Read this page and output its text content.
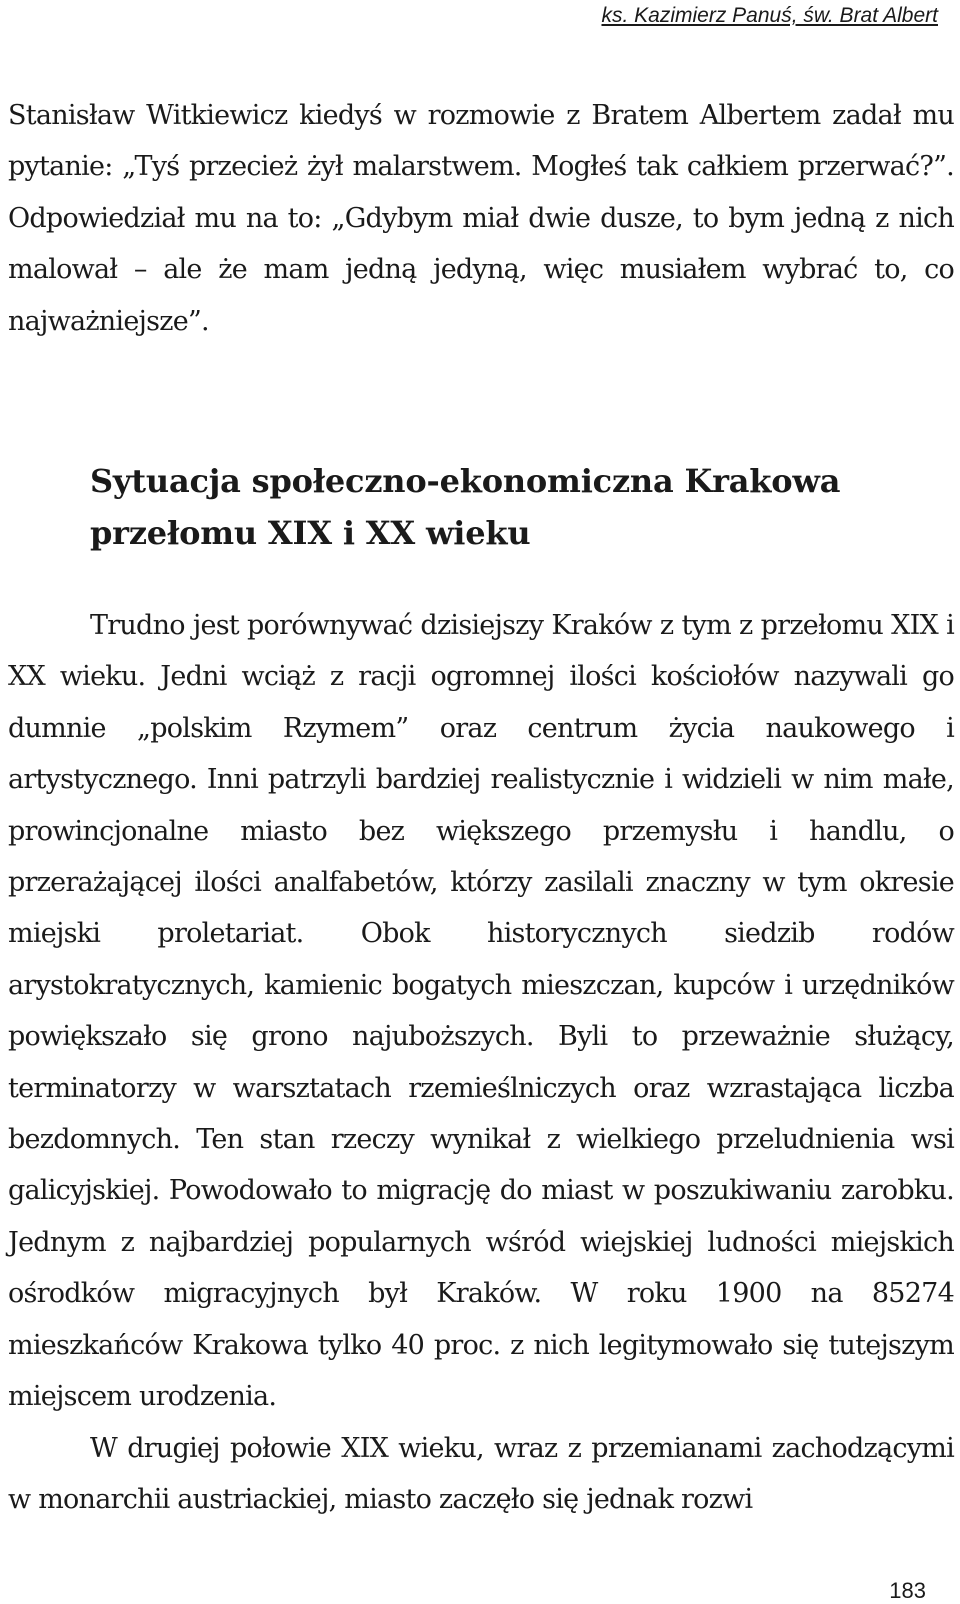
ks. Kazimierz Panuś, św. Brat Albert

Stanisław Witkiewicz kiedyś w rozmowie z Bratem Albertem zadał mu pytanie: „Tyś przecież żył malarstwem. Mogłeś tak całkiem przerwać?”. Odpowiedział mu na to: „Gdybym miał dwie dusze, to bym jedną z nich malował – ale że mam jedną jedyną, więc musiałem wybrać to, co najważniejsze”.

Sytuacja społeczno-ekonomiczna Krakowa
przełomu XIX i XX wieku

Trudno jest porównywać dzisiejszy Kraków z tym z przełomu XIX i XX wieku. Jedni wciąż z racji ogromnej ilości kościołów nazywali go dumnie „polskim Rzymem” oraz centrum życia naukowego i artystycznego. Inni patrzyli bardziej realistycznie i widzieli w nim małe, prowincjonalne miasto bez większego przemysłu i handlu, o przerażającej ilości analfabetów, którzy zasilali znaczny w tym okresie miejski proletariat. Obok historycznych siedzib rodów arystokratycznych, kamienic bogatych mieszczan, kupców i urzędników powiększało się grono najuboższych. Byli to przeważnie służący, terminatorzy w warsztatach rzemieślniczych oraz wzrastająca liczba bezdomnych. Ten stan rzeczy wynikał z wielkiego przeludnienia wsi galicyjskiej. Powodowało to migrację do miast w poszukiwaniu zarobku. Jednym z najbardziej popularnych wśród wiejskiej ludności miejskich ośrodków migracyjnych był Kraków. W roku 1900 na 85274 mieszkańców Krakowa tylko 40 proc. z nich legitymowało się tutejszym miejscem urodzenia.

W drugiej połowie XIX wieku, wraz z przemianami zachodzącymi w monarchii austriackiej, miasto zaczęło się jednak rozwi

183
